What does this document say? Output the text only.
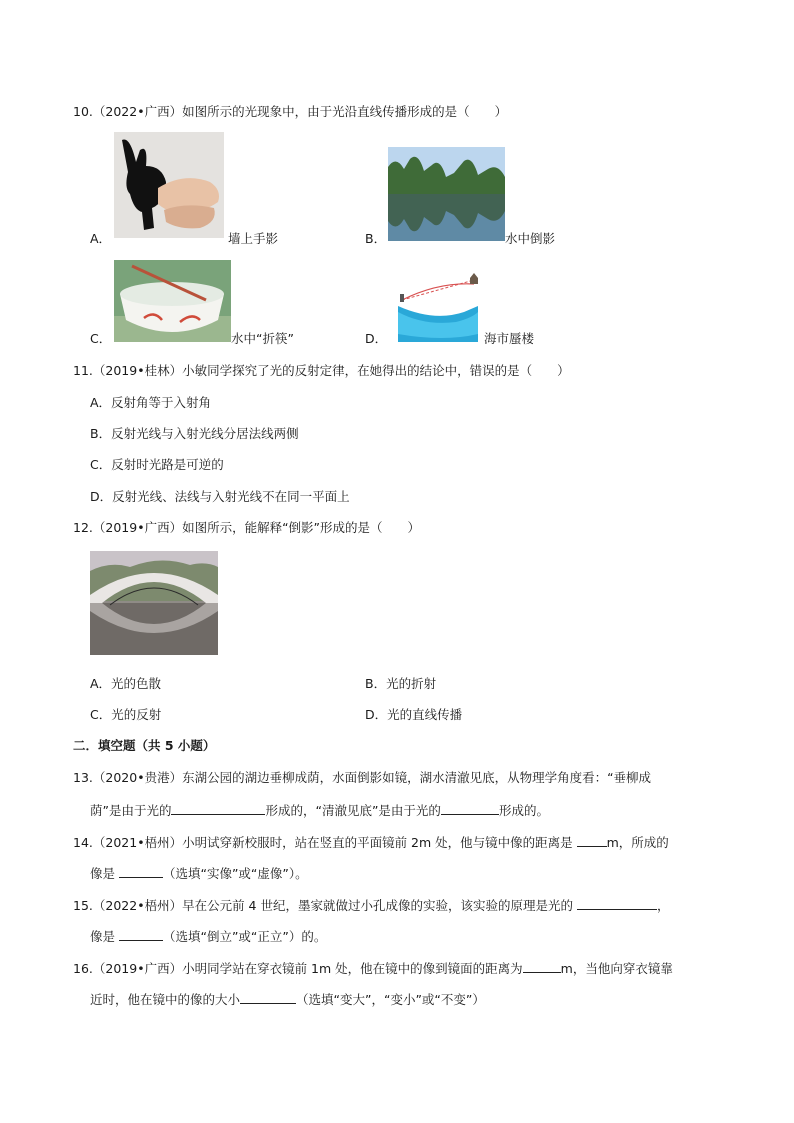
10.（2022•广西）如图所示的光现象中，由于光沿直线传播形成的是（　　）
A．	墙上手影	B．	水中倒影
C．	水中“折筷”	D．	海市蜃楼
11.（2019•桂林）小敏同学探究了光的反射定律，在她得出的结论中，错误的是（　　）
A．反射角等于入射角
B．反射光线与入射光线分居法线两侧
C．反射时光路是可逆的
D．反射光线、法线与入射光线不在同一平面上
12.（2019•广西）如图所示，能解释“倒影”形成的是（　　）
A．光的色散	B．光的折射
C．光的反射	D．光的直线传播
二．填空题（共 5 小题）
13.（2020•贵港）东湖公园的湖边垂柳成荫，水面倒影如镜，湖水清澈见底，从物理学角度看：“垂柳成
荫”是由于光的	形成的，“清澈见底”是由于光的	形成的。
14.（2021•梧州）小明试穿新校服时，站在竖直的平面镜前 2m 处，他与镜中像的距离是 m，所成的
像是	（选填“实像”或“虚像”）。
15.（2022•梧州）早在公元前 4 世纪，墨家就做过小孔成像的实验，该实验的原理是光的	，
像是	（选填“倒立”或“正立”）的。
16.（2019•广西）小明同学站在穿衣镜前 1m 处，他在镜中的像到镜面的距离为	m，当他向穿衣镜靠
近时，他在镜中的像的大小	（选填“变大”，“变小”或“不变”）
